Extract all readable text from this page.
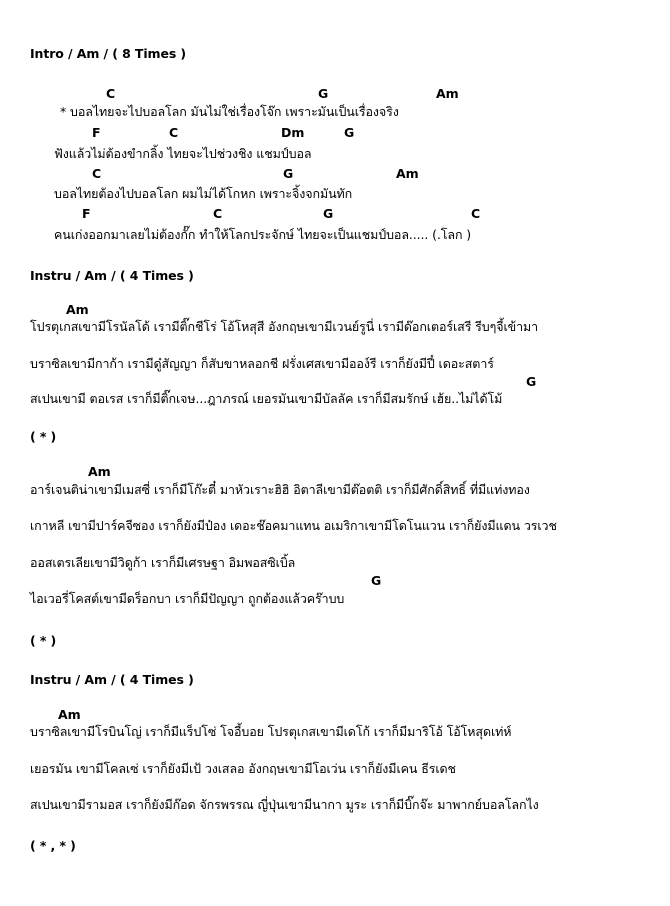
Intro / Am / ( 8 Times )
C	G	Am
* บอลไทยจะไปบอลโลก มันไม่ใช่เรื่องโจ๊ก เพราะมันเป็นเรื่องจริง
F	C	Dm	G
ฟังแล้วไม่ต้องขำกลิ้ง ไทยจะไปช่วงชิง แชมป์บอล
C	G	Am
บอลไทยต้องไปบอลโลก ผมไม่ได้โกหก เพราะจิ้งจกมันทัก
F	C	G	C
คนเก่งออกมาเลยไม่ต้องกั๊ก ทำให้โลกประจักษ์ ไทยจะเป็นแชมป์บอล..... (.โลก )
Instru / Am / ( 4 Times )
Am
โปรตุเกสเขามีโรนัลโด้ เรามีติ๊กชีโร่ โอ้โหสุสี อังกฤษเขามีเวนย์รูนี่ เรามีด๊อกเตอร์เสรี รีบๆจี้เข้ามา
บราซิลเขามีกาก้า เรามีดู๋สัญญา ก็สับขาหลอกชี ฝรั่งเศสเขามีออง์รี เราก็ยังมีปี๋ เดอะสตาร์
G
สเปนเขามี ตอเรส เราก็มีติ๊กเจษ...ฎาภรณ์ เยอรมันเขามีบัลลัค เราก็มีสมรักษ์ เฮ้ย..ไม่ได้โม้
( * )
Am
อาร์เจนติน่าเขามีเมสซี่ เราก็มีโก๊ะตี๋ มาหัวเราะฮิฮิ อิตาลีเขามีต๊อตติ เราก็มีศักดิ์สิทธิ์ ที่มีแท่งทอง
เกาหลี เขามีปาร์คจีซอง เราก็ยังมีป๋อง เดอะช๊อคมาแทน อเมริกาเขามีโดโนแวน เราก็ยังมีแดน วรเวช
ออสเตรเลียเขามีวิดูก้า เราก็มีเศรษฐา อิมพอสซิเบิ้ล
G
ไอเวอรี่โคสต์เขามีดร็อกบา เราก็มีปัญญา ถูกต้องแล้วคร๊าบบ
( * )
Instru / Am / ( 4 Times )
Am
บราซิลเขามีโรบินโญ่ เราก็มีแร็ปโซ่ โจอี้บอย โปรตุเกสเขามีเดโก้ เราก็มีมาริโอ้ โอ้โหสุดเท่ห์
เยอรมัน เขามีโคลเซ่ เราก็ยังมีเป้ วงเสลอ อังกฤษเขามีโอเว่น เราก็ยังมีเคน ธีรเดช
สเปนเขามีรามอส เราก็ยังมีก๊อด จักรพรรณ ญี่ปุ่นเขามีนากา มูระ เราก็มีบิ๊กจ๊ะ มาพากย์บอลโลกไง
( * , * )
